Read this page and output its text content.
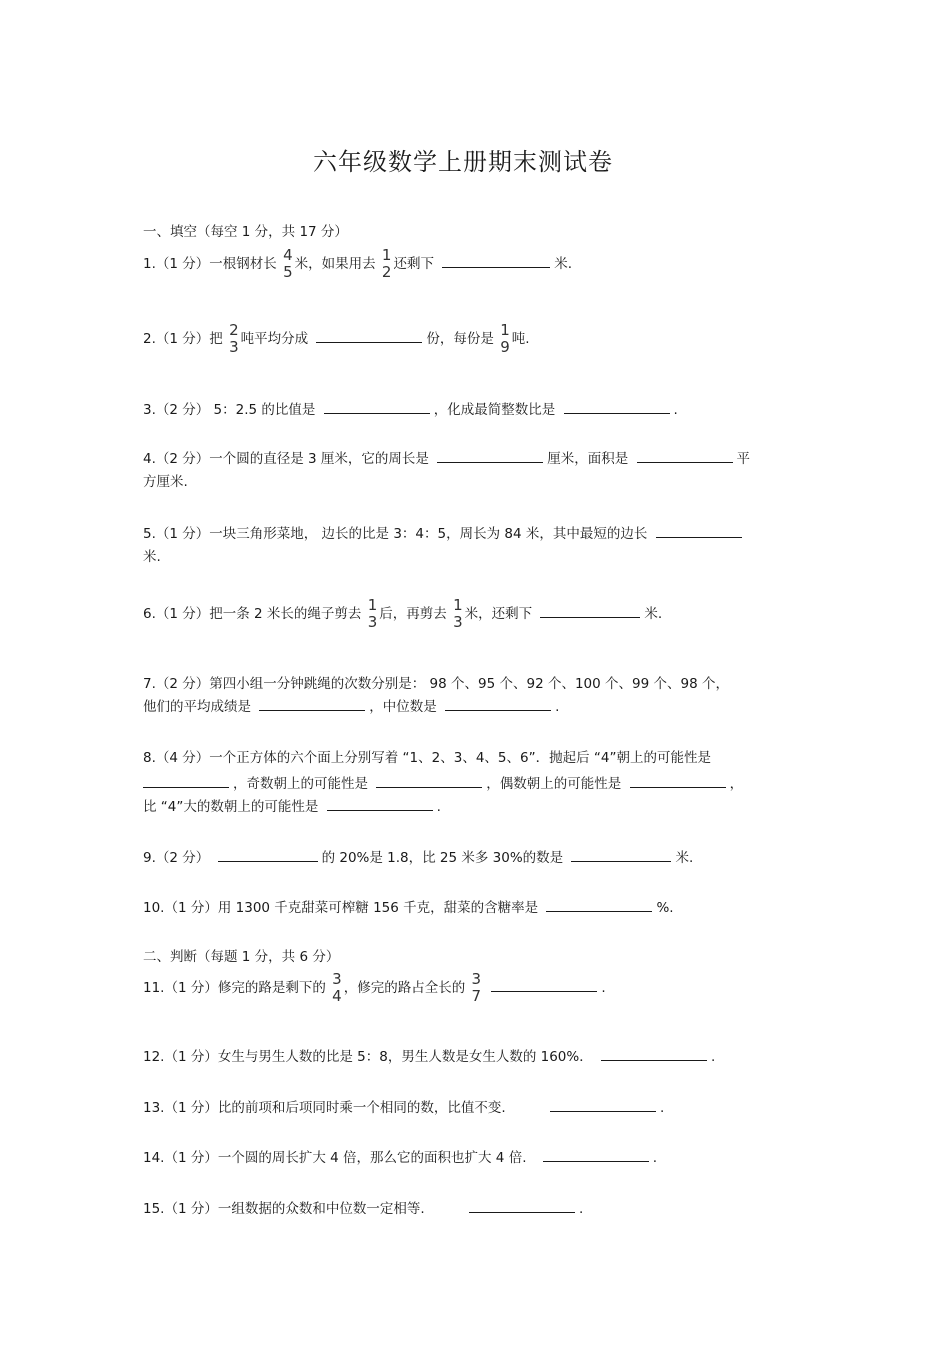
六年级数学上册期末测试卷
一、填空（每空 1 分，共 17 分）
1.（1 分）一根钢材长 4
5 米，如果用去 1
2 还剩下	米.
2.（1 分）把 2
3 吨平均分成	份，每份是 1
9 吨.
3.（2 分） 5：2.5 的比值是	，化成最简整数比是	.
4.（2 分）一个圆的直径是 3 厘米，它的周长是	厘米，面积是	平
方厘米.
5.（1 分）一块三角形菜地， 边长的比是 3：4：5，周长为 84 米，其中最短的边长
米.
6.（1 分）把一条 2 米长的绳子剪去 1
3 后，再剪去 1
3 米，还剩下	米.
7.（2 分）第四小组一分钟跳绳的次数分别是： 98 个、95 个、92 个、100 个、99 个、98 个，
他们的平均成绩是	，中位数是	.
8.（4 分）一个正方体的六个面上分别写着 “1、2、3、4、5、6”．抛起后 “4”朝上的可能性是
，奇数朝上的可能性是	，偶数朝上的可能性是	，
比 “4”大的数朝上的可能性是	.
9.（2 分）	的 20%是 1.8，比 25 米多 30%的数是	米.
10.（1 分）用 1300 千克甜菜可榨糖 156 千克，甜菜的含糖率是	%.
二、判断（每题 1 分，共 6 分）
11.（1 分）修完的路是剩下的 3
4 ，修完的路占全长的 3
7	.
12.（1 分）女生与男生人数的比是 5：8，男生人数是女生人数的 160%．	.
13.（1 分）比的前项和后项同时乘一个相同的数，比值不变.	.
14.（1 分）一个圆的周长扩大 4 倍，那么它的面积也扩大 4 倍.	.
15.（1 分）一组数据的众数和中位数一定相等.	.
